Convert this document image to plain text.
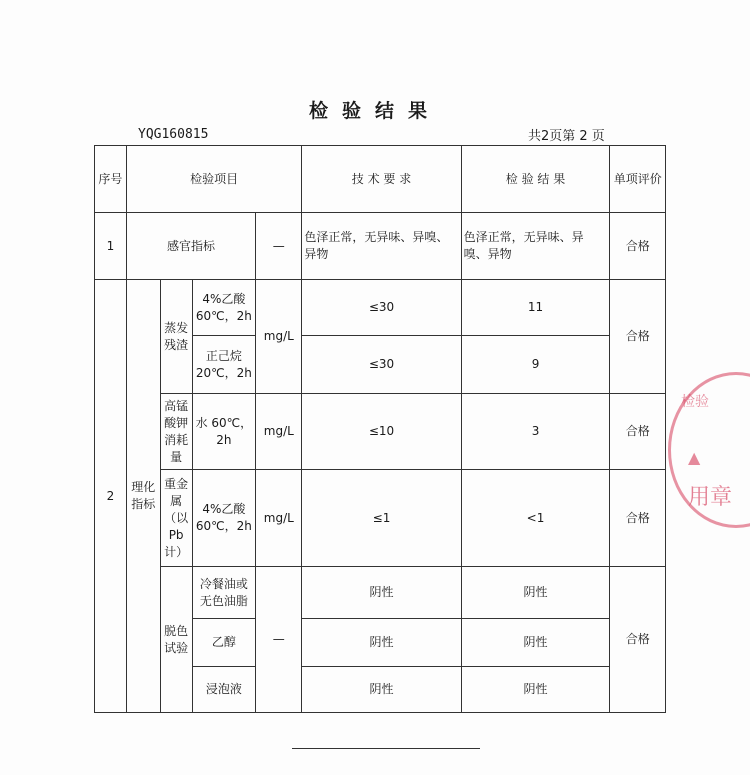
检验结果
YQG160815	共2页第 2 页
序号	检验项目				技 术 要 求	检 验 结 果	单项评价
1	感官指标			—	色泽正常，无异味、异嗅、异物	色泽正常，无异味、异嗅、异物	合格
2	理化指标	蒸发残渣	4%乙酸 60℃，2h	mg/L	≤30	11	合格
			正己烷 20℃，2h		≤30	9	
		高锰酸钾消耗量	水 60℃，2h	mg/L	≤10	3	合格
		重金属（以Pb计）	4%乙酸 60℃，2h	mg/L	≤1	<1	合格
		脱色试验	冷餐油或无色油脂	—	阴性	阴性	合格
			乙醇		阴性	阴性	
			浸泡液		阴性	阴性	
检验
▲
用章
